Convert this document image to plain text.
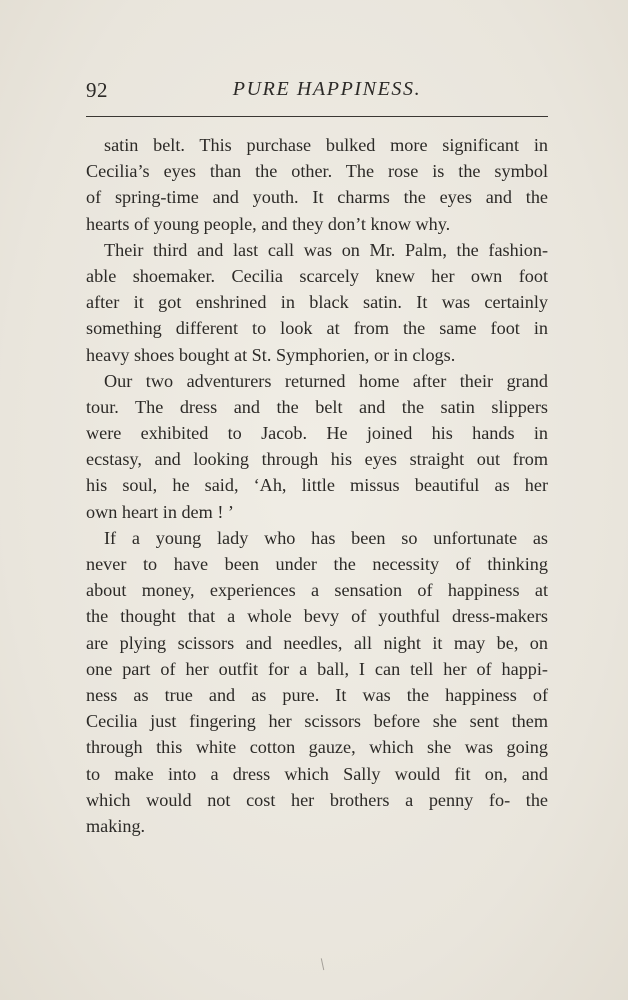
92	PURE HAPPINESS.
satin belt. This purchase bulked more significant in
Cecilia’s eyes than the other. The rose is the symbol
of spring-time and youth. It charms the eyes and the
hearts of young people, and they don’t know why.
Their third and last call was on Mr. Palm, the fashion-
able shoemaker. Cecilia scarcely knew her own foot
after it got enshrined in black satin. It was certainly
something different to look at from the same foot in
heavy shoes bought at St. Symphorien, or in clogs.
Our two adventurers returned home after their grand
tour. The dress and the belt and the satin slippers
were exhibited to Jacob. He joined his hands in
ecstasy, and looking through his eyes straight out from
his soul, he said, ‘Ah, little missus beautiful as her
own heart in dem ! ’
If a young lady who has been so unfortunate as
never to have been under the necessity of thinking
about money, experiences a sensation of happiness at
the thought that a whole bevy of youthful dress-makers
are plying scissors and needles, all night it may be, on
one part of her outfit for a ball, I can tell her of happi-
ness as true and as pure. It was the happiness of
Cecilia just fingering her scissors before she sent them
through this white cotton gauze, which she was going
to make into a dress which Sally would fit on, and
which would not cost her brothers a penny fo‑ the
making.
